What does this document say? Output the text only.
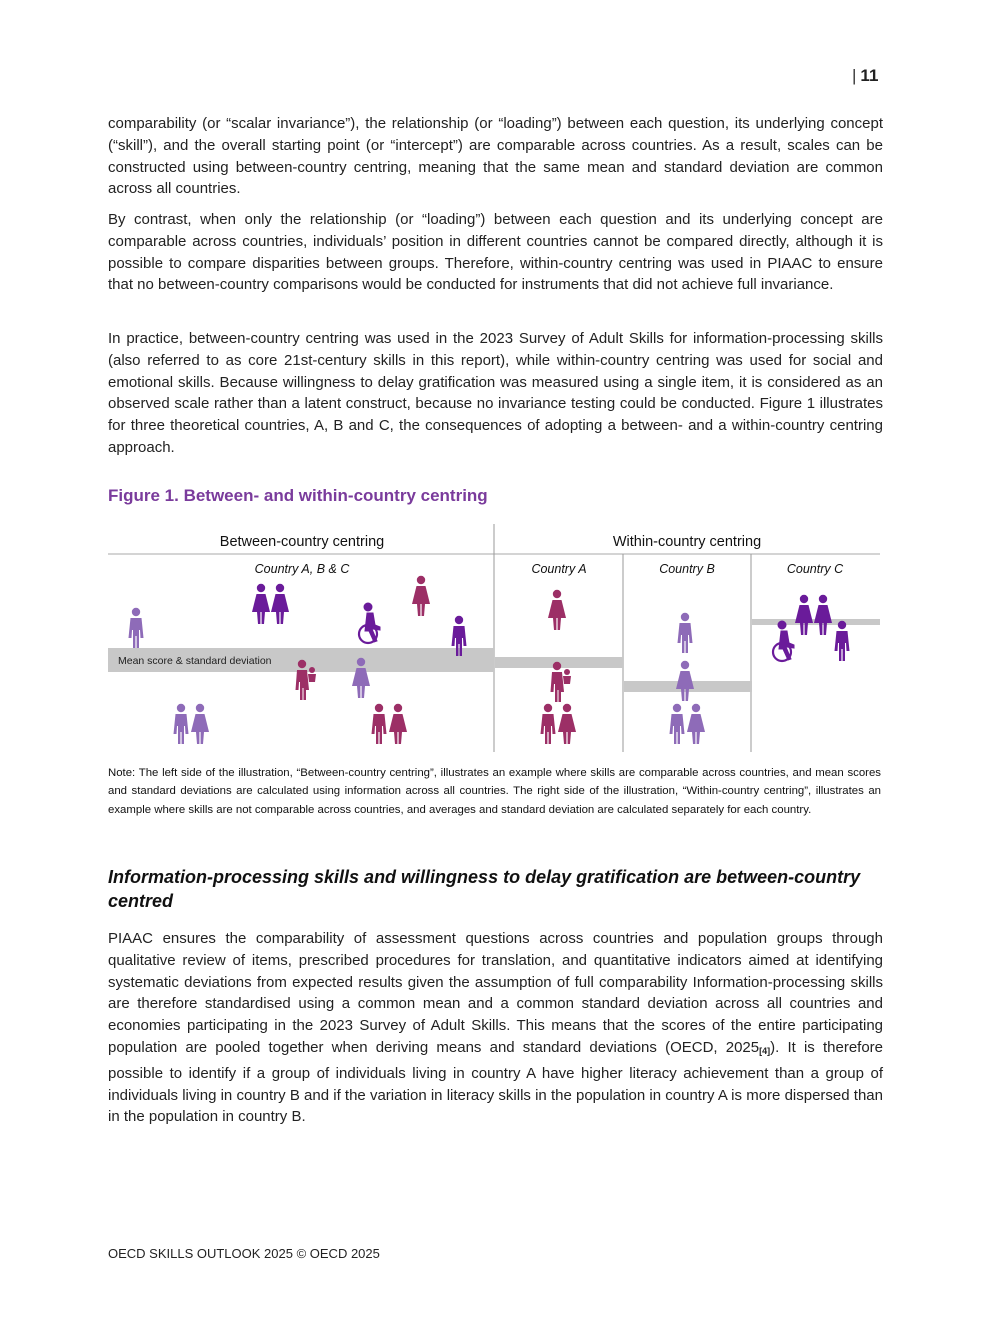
| 11

comparability (or “scalar invariance”), the relationship (or “loading”) between each question, its underlying concept (“skill”), and the overall starting point (or “intercept”) are comparable across countries. As a result, scales can be constructed using between-country centring, meaning that the same mean and standard deviation are common across all countries.

By contrast, when only the relationship (or “loading”) between each question and its underlying concept are comparable across countries, individuals’ position in different countries cannot be compared directly, although it is possible to compare disparities between groups. Therefore, within-country centring was used in PIAAC to ensure that no between-country comparisons would be conducted for instruments that did not achieve full invariance.

In practice, between-country centring was used in the 2023 Survey of Adult Skills for information-processing skills (also referred to as core 21st-century skills in this report), while within-country centring was used for social and emotional skills. Because willingness to delay gratification was measured using a single item, it is considered as an observed scale rather than a latent construct, because no invariance testing could be conducted. Figure 1 illustrates for three theoretical countries, A, B and C, the consequences of adopting a between- and a within-country centring approach.

Figure 1. Between- and within-country centring
Between-country centring	Within-country centring
Country A, B & C	Country A	Country B	Country C
Mean score & standard deviation

Note: The left side of the illustration, “Between-country centring”, illustrates an example where skills are comparable across countries, and mean scores and standard deviations are calculated using information across all countries. The right side of the illustration, “Within-country centring”, illustrates an example where skills are not comparable across countries, and averages and standard deviation are calculated separately for each country.

Information-processing skills and willingness to delay gratification are between-country centred

PIAAC ensures the comparability of assessment questions across countries and population groups through qualitative review of items, prescribed procedures for translation, and quantitative indicators aimed at identifying systematic deviations from expected results given the assumption of full comparability Information-processing skills are therefore standardised using a common mean and a common standard deviation across all countries and economies participating in the 2023 Survey of Adult Skills. This means that the scores of the entire participating population are pooled together when deriving means and standard deviations (OECD, $2025_{[4]}$). It is therefore possible to identify if a group of individuals living in country A have higher literacy achievement than a group of individuals living in country B and if the variation in literacy skills in the population in country A is more dispersed than in the population in country B.

OECD SKILLS OUTLOOK 2025 © OECD 2025
